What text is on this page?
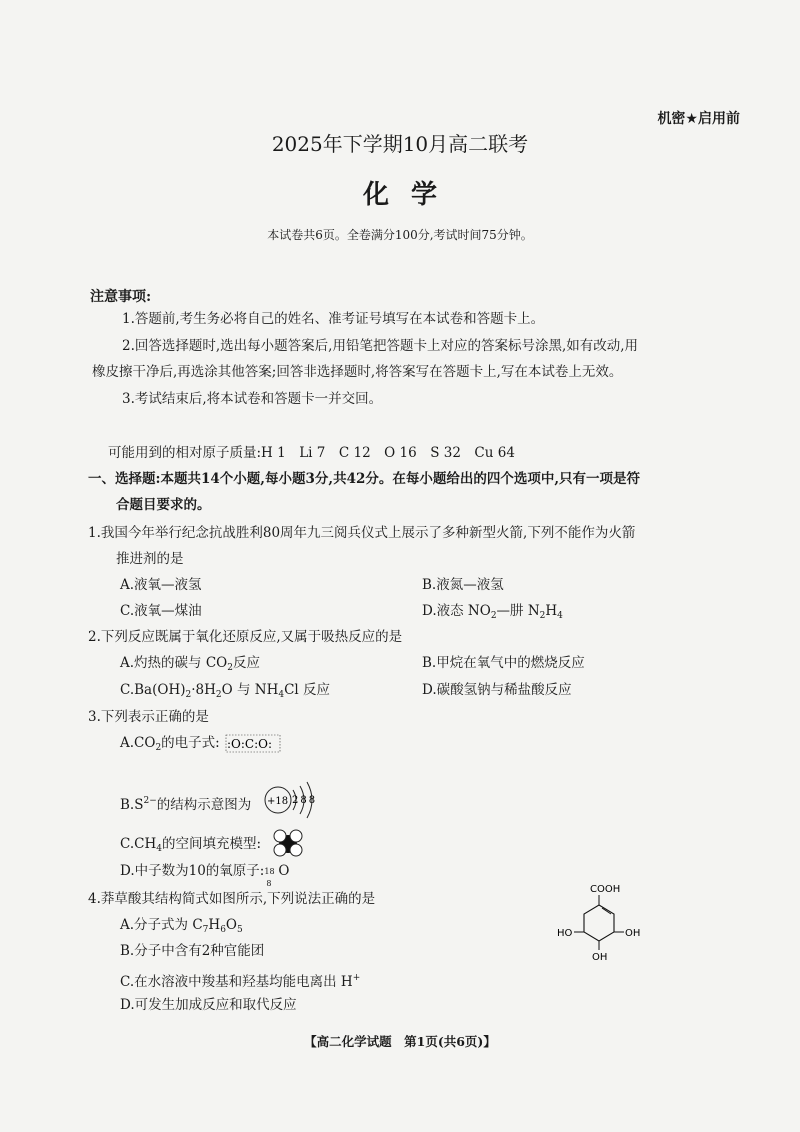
机密★启用前
2025年下学期10月高二联考
化学
本试卷共6页。全卷满分100分,考试时间75分钟。
注意事项:
1.答题前,考生务必将自己的姓名、准考证号填写在本试卷和答题卡上。
2.回答选择题时,选出每小题答案后,用铅笔把答题卡上对应的答案标号涂黑,如有改动,用
橡皮擦干净后,再选涂其他答案;回答非选择题时,将答案写在答题卡上,写在本试卷上无效。
3.考试结束后,将本试卷和答题卡一并交回。
可能用到的相对原子质量:H 1　Li 7　C 12　O 16　S 32　Cu 64
一、选择题:本题共14个小题,每小题3分,共42分。在每小题给出的四个选项中,只有一项是符
合题目要求的。
1.我国今年举行纪念抗战胜利80周年九三阅兵仪式上展示了多种新型火箭,下列不能作为火箭
推进剂的是
A.液氧—液氢	B.液氮—液氢
C.液氧—煤油	D.液态 $NO_2—$肼 $N_2H_4$
2.下列反应既属于氧化还原反应,又属于吸热反应的是
A.灼热的碳与 $CO_2$反应	B.甲烷在氧气中的燃烧反应
$C.Ba(OH)_2\cdot 8H_2O$ 与 $NH_4Cl$ 反应	D.碳酸氢钠与稀盐酸反应
3.下列表示正确的是
$A.CO_2$的电子式: :O:C:O:
$B.S^{2-}$的结构示意图为 +18 288
$C.CH_4$的空间填充模型:
D.中子数为10的氧原子: 18
8
O
4.莽草酸其结构简式如图所示,下列说法正确的是
A.分子式为 $C_7H_6O_5$
B.分子中含有2种官能团
C.在水溶液中羧基和羟基均能电离出 H+
D.可发生加成反应和取代反应
COOH
HO	OH
OH
【高二化学试题　第1页(共6页)】
